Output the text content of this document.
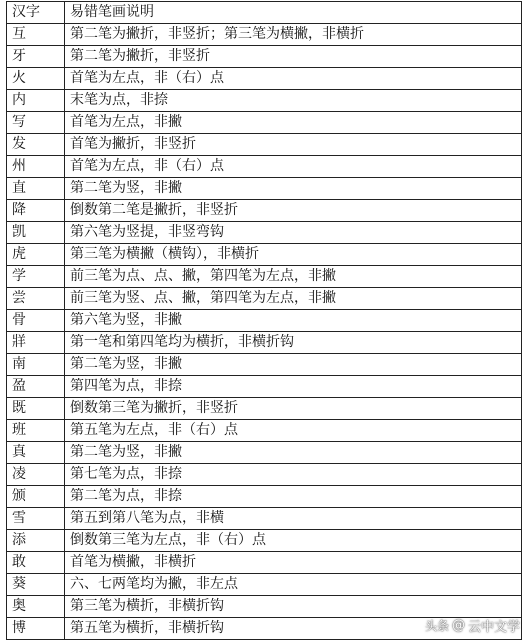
汉字	易错笔画说明
互	第二笔为撇折，非竖折；第三笔为横撇，非横折
牙	第二笔为撇折，非竖折
火	首笔为左点，非（右）点
内	末笔为点，非捺
写	首笔为左点，非撇
发	首笔为撇折，非竖折
州	首笔为左点，非（右）点
直	第二笔为竖，非撇
降	倒数第二笔是撇折，非竖折
凯	第六笔为竖提，非竖弯钩
虎	第三笔为横撇（横钩），非横折
学	前三笔为点、点、撇，第四笔为左点，非撇
尝	前三笔为竖、点、撇，第四笔为左点，非撇
骨	第六笔为竖，非撇
牂	第一笔和第四笔均为横折，非横折钩
南	第二笔为竖，非撇
盈	第四笔为点，非捺
既	倒数第三笔为撇折，非竖折
班	第五笔为左点，非（右）点
真	第二笔为竖，非撇
凌	第七笔为点，非捺
颁	第二笔为点，非捺
雪	第五到第八笔为点，非横
添	倒数第三笔为左点，非（右）点
敢	首笔为横撇，非横折
葵	六、七两笔均为撇，非左点
奥	第三笔为横折，非横折钩
博	第五笔为横折，非横折钩	头条 @ 云中文学
